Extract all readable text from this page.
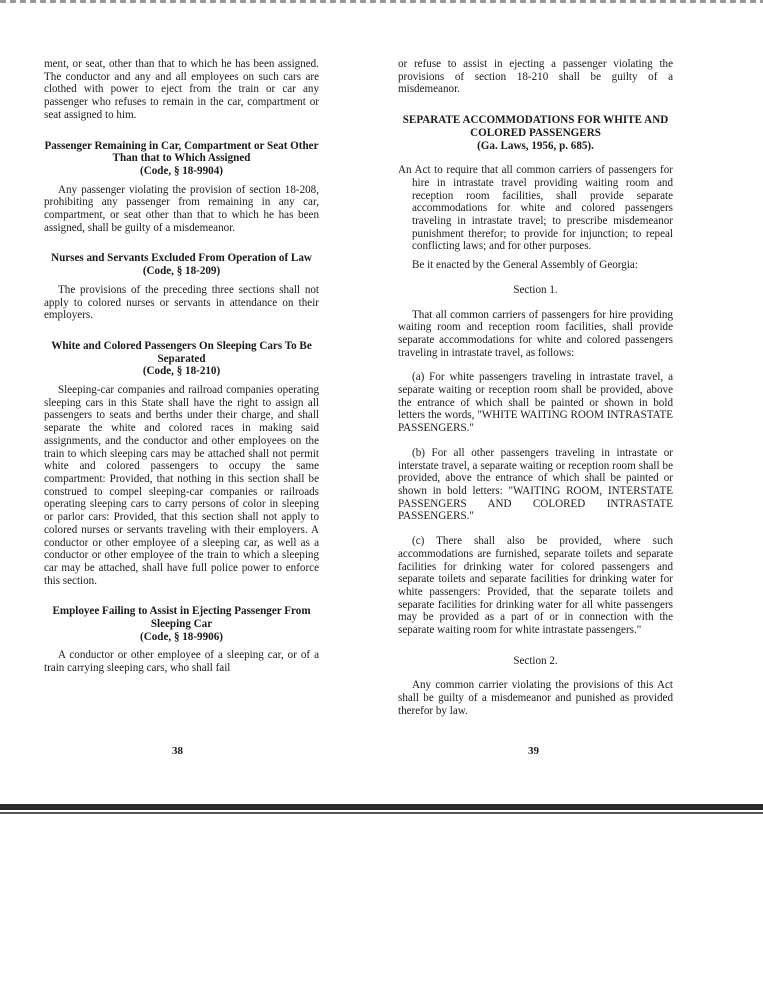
ment, or seat, other than that to which he has been assigned. The conductor and any and all employees on such cars are clothed with power to eject from the train or car any passenger who refuses to remain in the car, compartment or seat assigned to him.

Passenger Remaining in Car, Compartment or Seat Other Than that to Which Assigned

(Code, § 18-9904)

Any passenger violating the provision of section 18-208, prohibiting any passenger from remaining in any car, compartment, or seat other than that to which he has been assigned, shall be guilty of a misdemeanor.

Nurses and Servants Excluded From Operation of Law

(Code, § 18-209)

The provisions of the preceding three sections shall not apply to colored nurses or servants in attendance on their employers.

White and Colored Passengers On Sleeping Cars To Be Separated

(Code, § 18-210)

Sleeping-car companies and railroad companies operating sleeping cars in this State shall have the right to assign all passengers to seats and berths under their charge, and shall separate the white and colored races in making said assignments, and the conductor and other employees on the train to which sleeping cars may be attached shall not permit white and colored passengers to occupy the same compartment: Provided, that nothing in this section shall be construed to compel sleeping-car companies or railroads operating sleeping cars to carry persons of color in sleeping or parlor cars: Provided, that this section shall not apply to colored nurses or servants traveling with their employers. A conductor or other employee of a sleeping car, as well as a conductor or other employee of the train to which a sleeping car may be attached, shall have full police power to enforce this section.

Employee Failing to Assist in Ejecting Passenger From Sleeping Car

(Code, § 18-9906)

A conductor or other employee of a sleeping car, or of a train carrying sleeping cars, who shall fail

38

or refuse to assist in ejecting a passenger violating the provisions of section 18-210 shall be guilty of a misdemeanor.

SEPARATE ACCOMMODATIONS FOR WHITE AND COLORED PASSENGERS

(Ga. Laws, 1956, p. 685).

An Act to require that all common carriers of passengers for hire in intrastate travel providing waiting room and reception room facilities, shall provide separate accommodations for white and colored passengers traveling in intrastate travel; to prescribe misdemeanor punishment therefor; to provide for injunction; to repeal conflicting laws; and for other purposes.

Be it enacted by the General Assembly of Georgia:

Section 1.

That all common carriers of passengers for hire providing waiting room and reception room facilities, shall provide separate accommodations for white and colored passengers traveling in intrastate travel, as follows:

(a) For white passengers traveling in intrastate travel, a separate waiting or reception room shall be provided, above the entrance of which shall be painted or shown in bold letters the words, "WHITE WAITING ROOM INTRASTATE PASSENGERS."

(b) For all other passengers traveling in intrastate or interstate travel, a separate waiting or reception room shall be provided, above the entrance of which shall be painted or shown in bold letters: "WAITING ROOM, INTERSTATE PASSENGERS AND COLORED INTRASTATE PASSENGERS."

(c) There shall also be provided, where such accommodations are furnished, separate toilets and separate facilities for drinking water for colored passengers and separate toilets and separate facilities for drinking water for white passengers: Provided, that the separate toilets and separate facilities for drinking water for all white passengers may be provided as a part of or in connection with the separate waiting room for white intrastate passengers."

Section 2.

Any common carrier violating the provisions of this Act shall be guilty of a misdemeanor and punished as provided therefor by law.

39
